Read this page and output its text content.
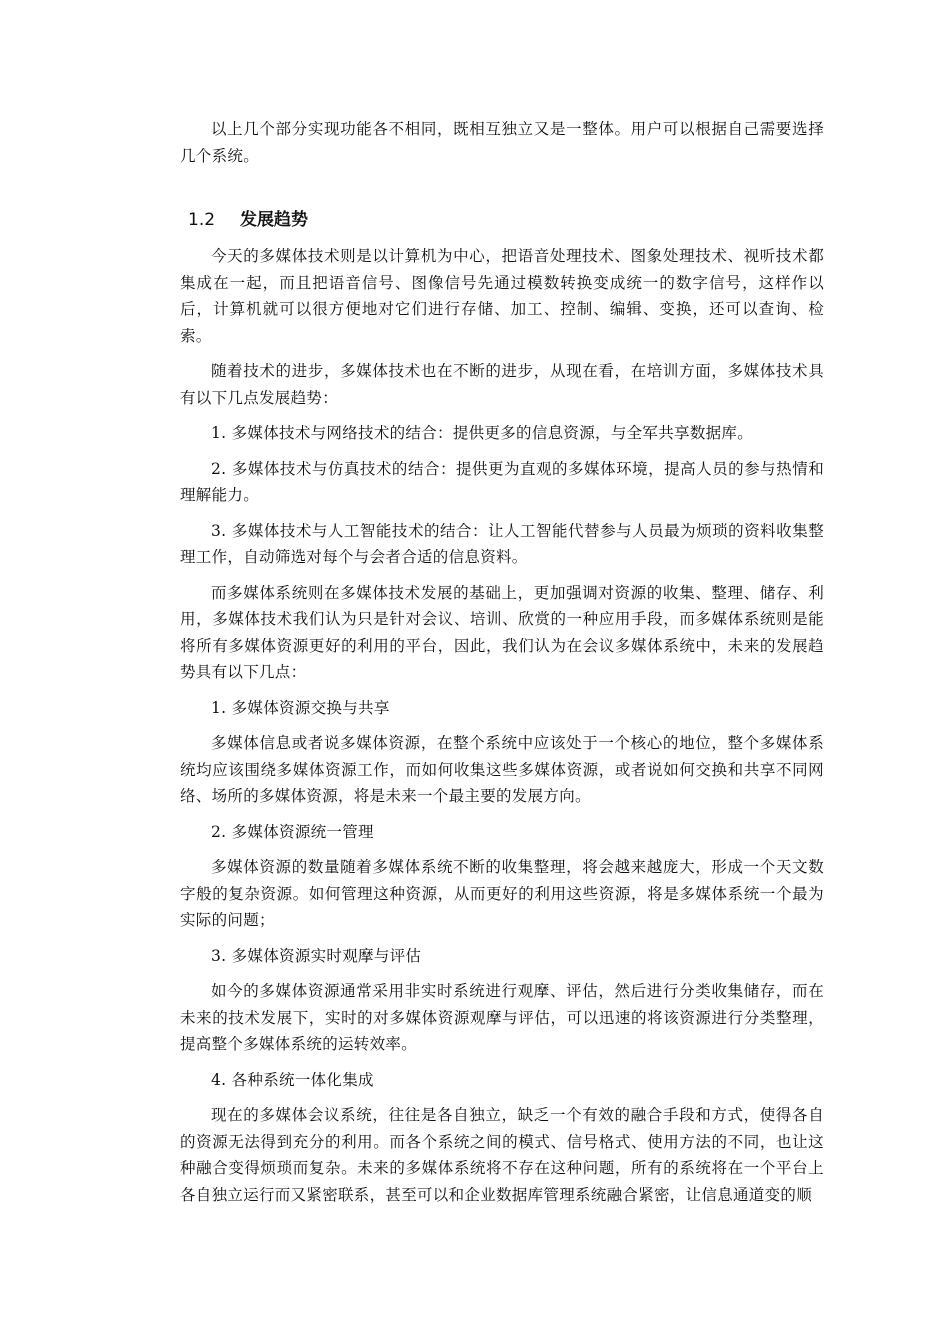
以上几个部分实现功能各不相同，既相互独立又是一整体。用户可以根据自己需要选择几个系统。

1.2 发展趋势

今天的多媒体技术则是以计算机为中心，把语音处理技术、图象处理技术、视听技术都集成在一起，而且把语音信号、图像信号先通过模数转换变成统一的数字信号，这样作以后，计算机就可以很方便地对它们进行存储、加工、控制、编辑、变换，还可以查询、检索。

随着技术的进步，多媒体技术也在不断的进步，从现在看，在培训方面，多媒体技术具有以下几点发展趋势：

1. 多媒体技术与网络技术的结合：提供更多的信息资源，与全军共享数据库。

2. 多媒体技术与仿真技术的结合：提供更为直观的多媒体环境，提高人员的参与热情和理解能力。

3. 多媒体技术与人工智能技术的结合：让人工智能代替参与人员最为烦琐的资料收集整理工作，自动筛选对每个与会者合适的信息资料。

而多媒体系统则在多媒体技术发展的基础上，更加强调对资源的收集、整理、储存、利用，多媒体技术我们认为只是针对会议、培训、欣赏的一种应用手段，而多媒体系统则是能将所有多媒体资源更好的利用的平台，因此，我们认为在会议多媒体系统中，未来的发展趋势具有以下几点：

1. 多媒体资源交换与共享

多媒体信息或者说多媒体资源，在整个系统中应该处于一个核心的地位，整个多媒体系统均应该围绕多媒体资源工作，而如何收集这些多媒体资源，或者说如何交换和共享不同网络、场所的多媒体资源，将是未来一个最主要的发展方向。

2. 多媒体资源统一管理

多媒体资源的数量随着多媒体系统不断的收集整理，将会越来越庞大，形成一个天文数字般的复杂资源。如何管理这种资源，从而更好的利用这些资源，将是多媒体系统一个最为实际的问题；

3. 多媒体资源实时观摩与评估

如今的多媒体资源通常采用非实时系统进行观摩、评估，然后进行分类收集储存，而在未来的技术发展下，实时的对多媒体资源观摩与评估，可以迅速的将该资源进行分类整理，提高整个多媒体系统的运转效率。

4. 各种系统一体化集成

现在的多媒体会议系统，往往是各自独立，缺乏一个有效的融合手段和方式，使得各自的资源无法得到充分的利用。而各个系统之间的模式、信号格式、使用方法的不同，也让这种融合变得烦琐而复杂。未来的多媒体系统将不存在这种问题，所有的系统将在一个平台上各自独立运行而又紧密联系，甚至可以和企业数据库管理系统融合紧密，让信息通道变的顺
